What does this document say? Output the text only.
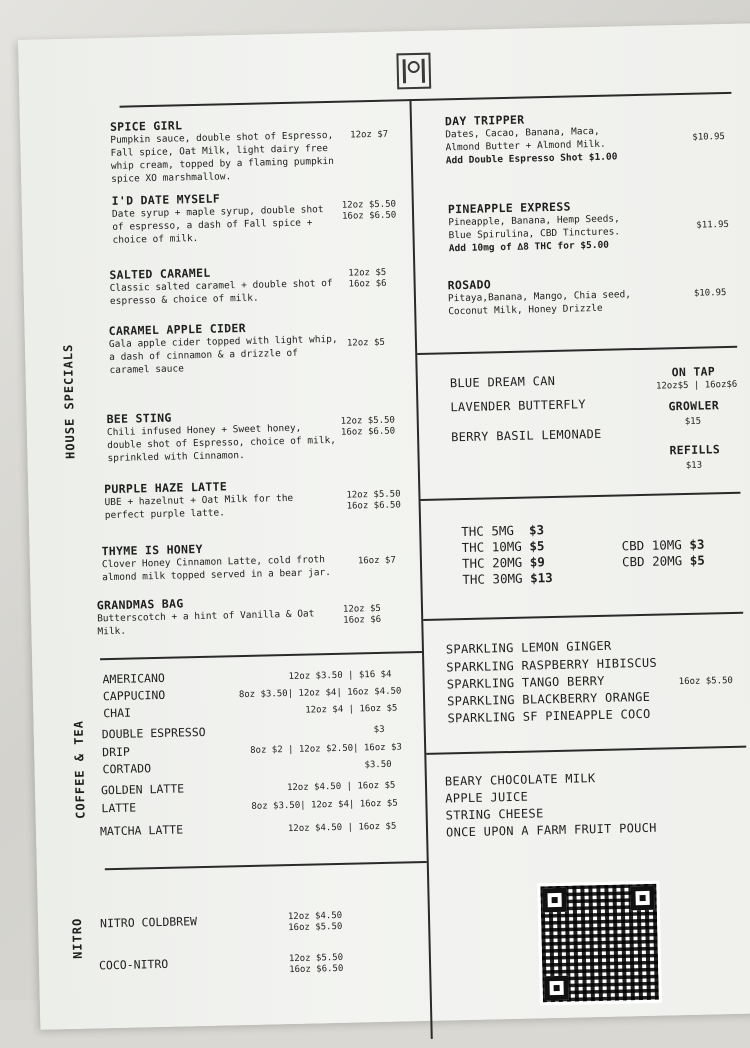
HOUSE SPECIALS
COFFEE & TEA
NITRO
SPICE GIRL
Pumpkin sauce, double shot of Espresso, Fall spice, Oat Milk, light dairy free whip cream, topped by a flaming pumpkin spice XO marshmallow.
12oz $7
I'D DATE MYSELF
Date syrup + maple syrup, double shot of espresso, a dash of Fall spice + choice of milk.
12oz $5.50
16oz $6.50
SALTED CARAMEL
Classic salted caramel + double shot of espresso & choice of milk.
12oz $5
16oz $6
CARAMEL APPLE CIDER
Gala apple cider topped with light whip, a dash of cinnamon & a drizzle of caramel sauce
12oz $5
BEE STING
Chili infused Honey + Sweet honey, double shot of Espresso, choice of milk, sprinkled with Cinnamon.
12oz $5.50
16oz $6.50
PURPLE HAZE LATTE
UBE + hazelnut + Oat Milk for the perfect purple latte.
12oz $5.50
16oz $6.50
THYME IS HONEY
Clover Honey Cinnamon Latte, cold froth almond milk topped served in a bear jar.
16oz $7
GRANDMAS BAG
Butterscotch + a hint of Vanilla & Oat Milk.
12oz $5
16oz $6
AMERICANO	12oz $3.50 | $16 $4
CAPPUCINO	8oz $3.50| 12oz $4| 16oz $4.50
CHAI	12oz $4 | 16oz $5
DOUBLE ESPRESSO	$3
DRIP	8oz $2 | 12oz $2.50| 16oz $3
CORTADO	$3.50
GOLDEN LATTE	12oz $4.50 | 16oz $5
LATTE	8oz $3.50| 12oz $4| 16oz $5
MATCHA LATTE	12oz $4.50 | 16oz $5
NITRO COLDBREW	12oz $4.50
16oz $5.50
COCO-NITRO	12oz $5.50
16oz $6.50
DAY TRIPPER
Dates, Cacao, Banana, Maca,
Almond Butter + Almond Milk.
Add Double Espresso Shot $1.00
$10.95
PINEAPPLE EXPRESS
Pineapple, Banana, Hemp Seeds,
Blue Spirulina, CBD Tinctures.
Add 10mg of ∆8 THC for $5.00
$11.95
ROSADO
Pitaya,Banana, Mango, Chia seed,
Coconut Milk, Honey Drizzle
$10.95
BLUE DREAM CAN
LAVENDER BUTTERFLY
BERRY BASIL LEMONADE
ON TAP
12oz$5 | 16oz$6
GROWLER
$15
REFILLS
$13
THC 5MG $3
THC 10MG $5
THC 20MG $9
THC 30MG $13
CBD 10MG $3
CBD 20MG $5
SPARKLING LEMON GINGER
SPARKLING RASPBERRY HIBISCUS
SPARKLING TANGO BERRY
SPARKLING BLACKBERRY ORANGE
SPARKLING SF PINEAPPLE COCO
16oz $5.50
BEARY CHOCOLATE MILK
APPLE JUICE
STRING CHEESE
ONCE UPON A FARM FRUIT POUCH
